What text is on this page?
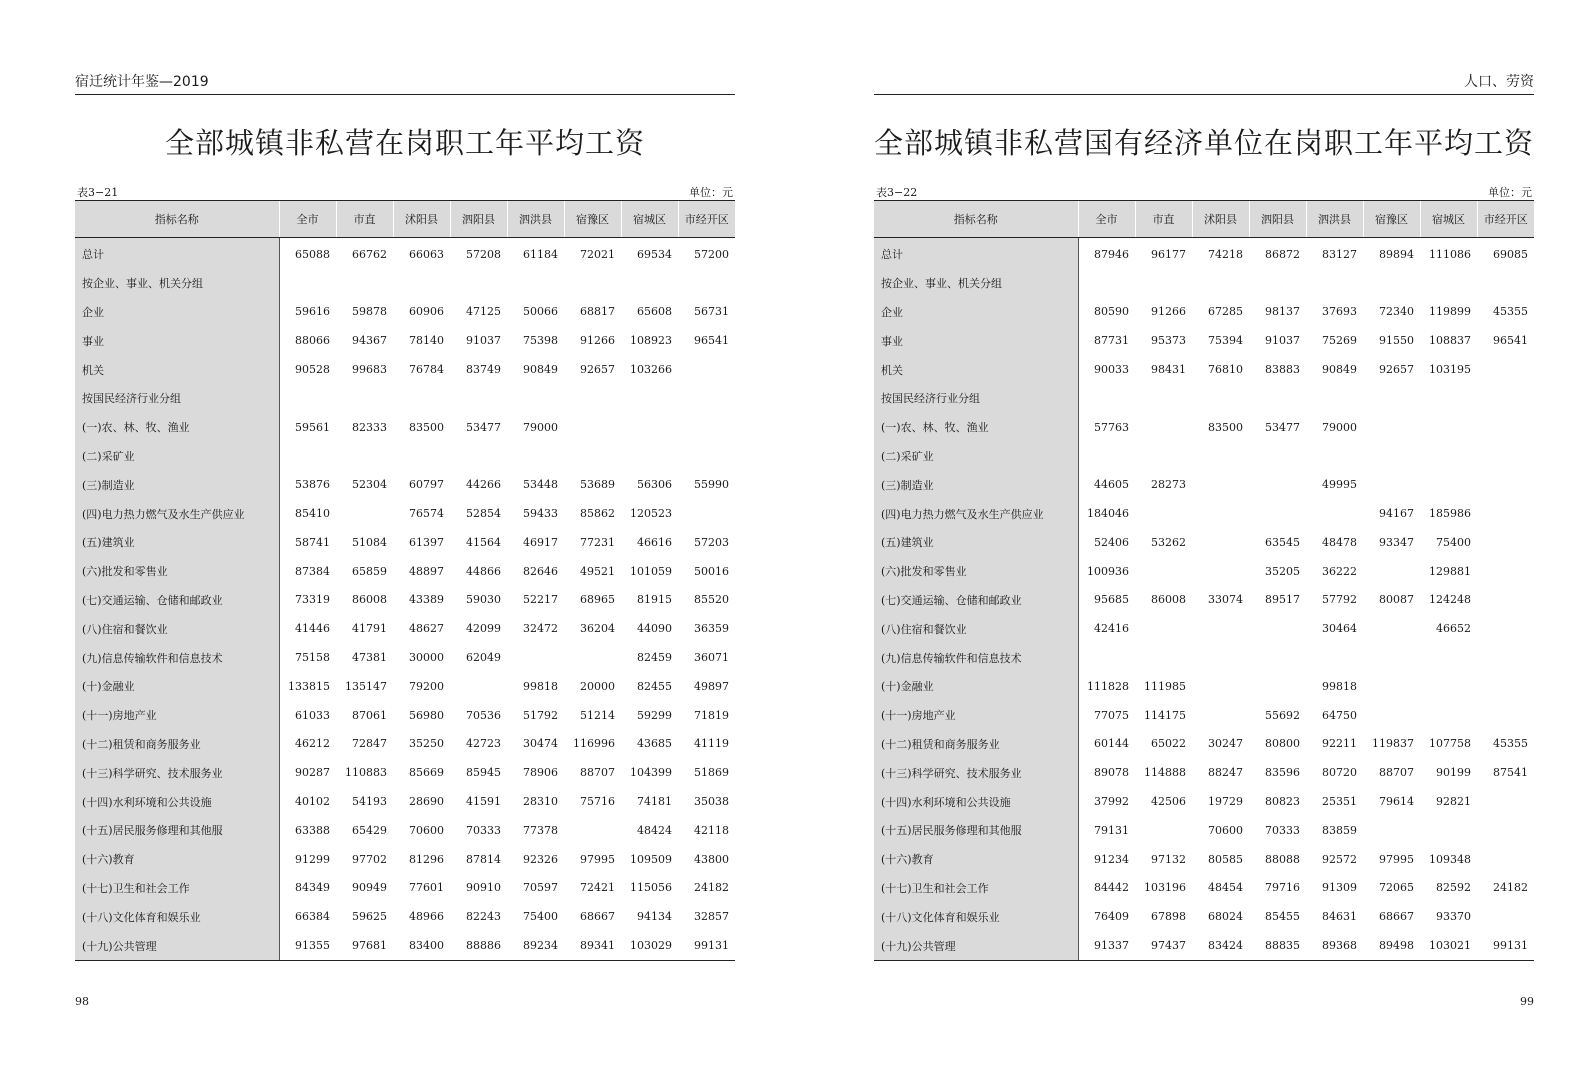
宿迁统计年鉴—2019
全部城镇非私营在岗职工年平均工资
表3−21	单位：元
指标名称	全市	市直	沭阳县	泗阳县	泗洪县	宿豫区	宿城区	市经开区
总计	65088	66762	66063	57208	61184	72021	69534	57200
按企业、事业、机关分组								
企业	59616	59878	60906	47125	50066	68817	65608	56731
事业	88066	94367	78140	91037	75398	91266	108923	96541
机关	90528	99683	76784	83749	90849	92657	103266	
按国民经济行业分组								
(一)农、林、牧、渔业	59561	82333	83500	53477	79000			
(二)采矿业								
(三)制造业	53876	52304	60797	44266	53448	53689	56306	55990
(四)电力热力燃气及水生产供应业	85410		76574	52854	59433	85862	120523	
(五)建筑业	58741	51084	61397	41564	46917	77231	46616	57203
(六)批发和零售业	87384	65859	48897	44866	82646	49521	101059	50016
(七)交通运输、仓储和邮政业	73319	86008	43389	59030	52217	68965	81915	85520
(八)住宿和餐饮业	41446	41791	48627	42099	32472	36204	44090	36359
(九)信息传输软件和信息技术	75158	47381	30000	62049			82459	36071
(十)金融业	133815	135147	79200		99818	20000	82455	49897
(十一)房地产业	61033	87061	56980	70536	51792	51214	59299	71819
(十二)租赁和商务服务业	46212	72847	35250	42723	30474	116996	43685	41119
(十三)科学研究、技术服务业	90287	110883	85669	85945	78906	88707	104399	51869
(十四)水利环境和公共设施	40102	54193	28690	41591	28310	75716	74181	35038
(十五)居民服务修理和其他服	63388	65429	70600	70333	77378		48424	42118
(十六)教育	91299	97702	81296	87814	92326	97995	109509	43800
(十七)卫生和社会工作	84349	90949	77601	90910	70597	72421	115056	24182
(十八)文化体育和娱乐业	66384	59625	48966	82243	75400	68667	94134	32857
(十九)公共管理	91355	97681	83400	88886	89234	89341	103029	99131
98
人口、劳资
全部城镇非私营国有经济单位在岗职工年平均工资
表3−22	单位：元
指标名称	全市	市直	沭阳县	泗阳县	泗洪县	宿豫区	宿城区	市经开区
总计	87946	96177	74218	86872	83127	89894	111086	69085
按企业、事业、机关分组								
企业	80590	91266	67285	98137	37693	72340	119899	45355
事业	87731	95373	75394	91037	75269	91550	108837	96541
机关	90033	98431	76810	83883	90849	92657	103195	
按国民经济行业分组								
(一)农、林、牧、渔业	57763		83500	53477	79000			
(二)采矿业								
(三)制造业	44605	28273			49995			
(四)电力热力燃气及水生产供应业	184046					94167	185986	
(五)建筑业	52406	53262		63545	48478	93347	75400	
(六)批发和零售业	100936			35205	36222		129881	
(七)交通运输、仓储和邮政业	95685	86008	33074	89517	57792	80087	124248	
(八)住宿和餐饮业	42416				30464		46652	
(九)信息传输软件和信息技术								
(十)金融业	111828	111985			99818			
(十一)房地产业	77075	114175		55692	64750			
(十二)租赁和商务服务业	60144	65022	30247	80800	92211	119837	107758	45355
(十三)科学研究、技术服务业	89078	114888	88247	83596	80720	88707	90199	87541
(十四)水利环境和公共设施	37992	42506	19729	80823	25351	79614	92821	
(十五)居民服务修理和其他服	79131		70600	70333	83859			
(十六)教育	91234	97132	80585	88088	92572	97995	109348	
(十七)卫生和社会工作	84442	103196	48454	79716	91309	72065	82592	24182
(十八)文化体育和娱乐业	76409	67898	68024	85455	84631	68667	93370	
(十九)公共管理	91337	97437	83424	88835	89368	89498	103021	99131
99
